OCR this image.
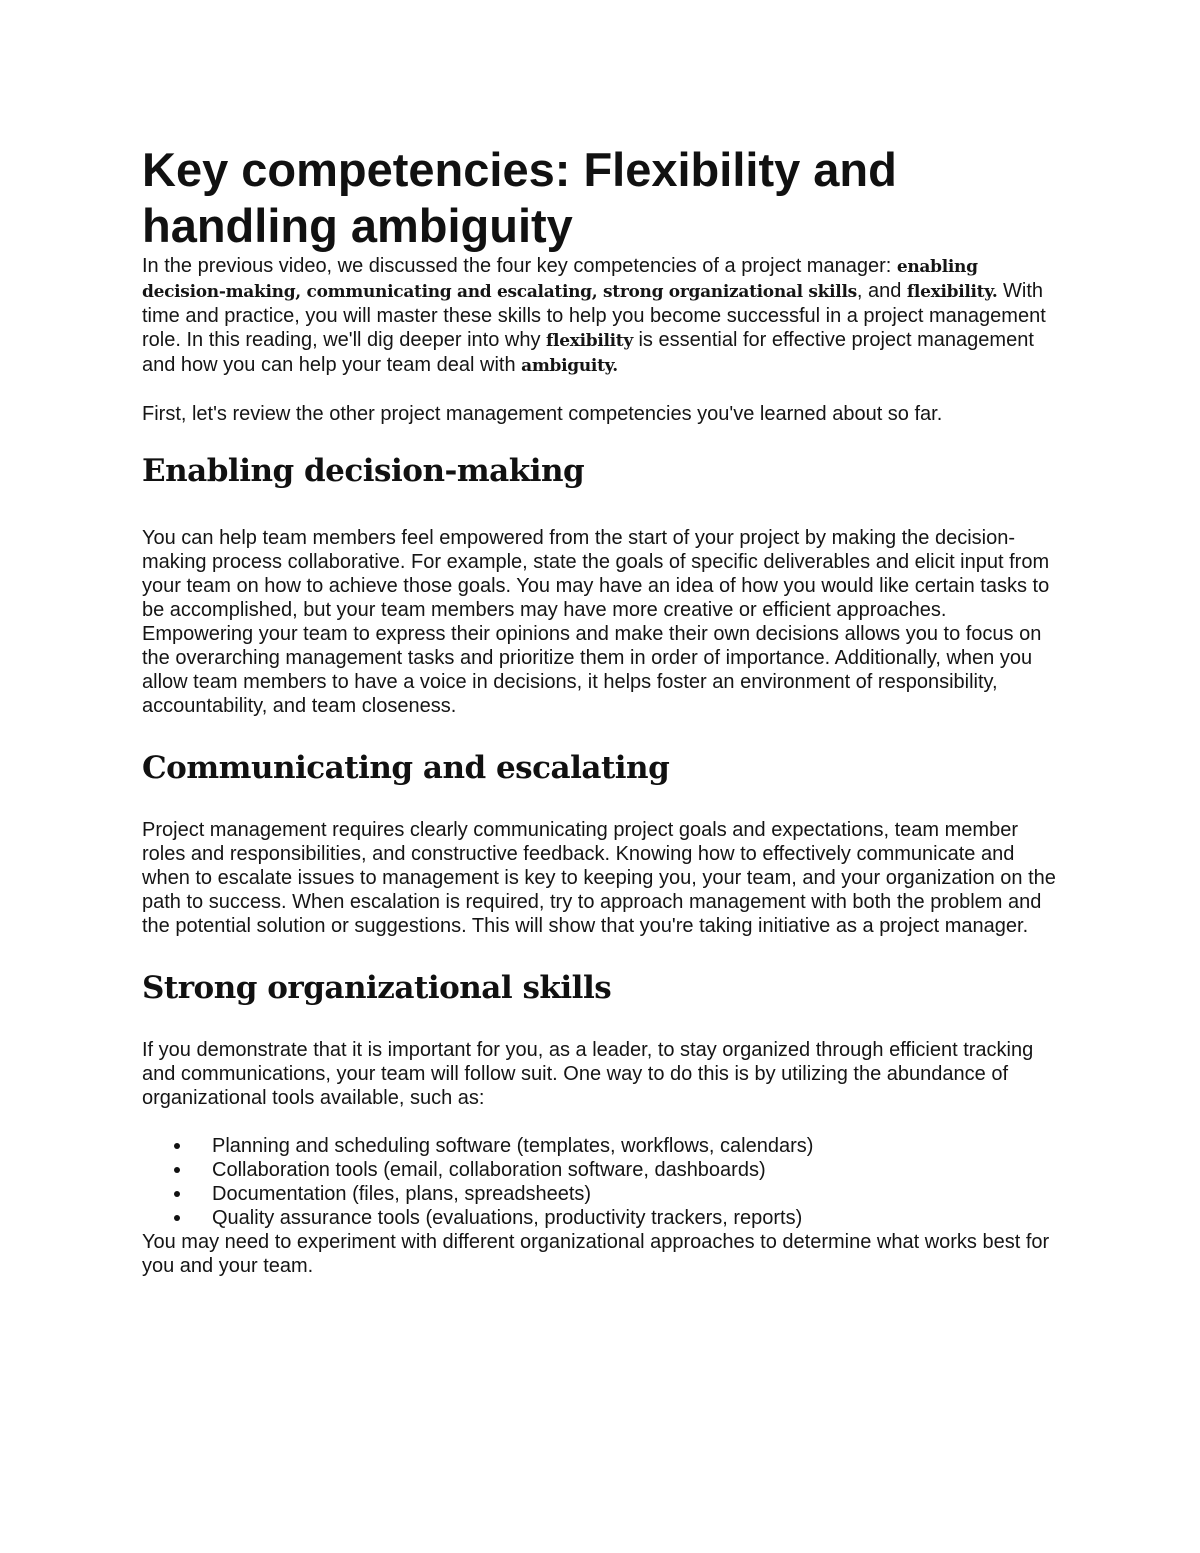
Key competencies: Flexibility and handling ambiguity

In the previous video, we discussed the four key competencies of a project manager: enabling decision-making, communicating and escalating, strong organizational skills, and flexibility. With time and practice, you will master these skills to help you become successful in a project management role. In this reading, we'll dig deeper into why flexibility is essential for effective project management and how you can help your team deal with ambiguity.

First, let's review the other project management competencies you've learned about so far.

Enabling decision-making

You can help team members feel empowered from the start of your project by making the decision-making process collaborative. For example, state the goals of specific deliverables and elicit input from your team on how to achieve those goals. You may have an idea of how you would like certain tasks to be accomplished, but your team members may have more creative or efficient approaches. Empowering your team to express their opinions and make their own decisions allows you to focus on the overarching management tasks and prioritize them in order of importance. Additionally, when you allow team members to have a voice in decisions, it helps foster an environment of responsibility, accountability, and team closeness.

Communicating and escalating

Project management requires clearly communicating project goals and expectations, team member roles and responsibilities, and constructive feedback. Knowing how to effectively communicate and when to escalate issues to management is key to keeping you, your team, and your organization on the path to success. When escalation is required, try to approach management with both the problem and the potential solution or suggestions. This will show that you're taking initiative as a project manager.

Strong organizational skills

If you demonstrate that it is important for you, as a leader, to stay organized through efficient tracking and communications, your team will follow suit. One way to do this is by utilizing the abundance of organizational tools available, such as:

Planning and scheduling software (templates, workflows, calendars)
Collaboration tools (email, collaboration software, dashboards)
Documentation (files, plans, spreadsheets)
Quality assurance tools (evaluations, productivity trackers, reports)

You may need to experiment with different organizational approaches to determine what works best for you and your team.
